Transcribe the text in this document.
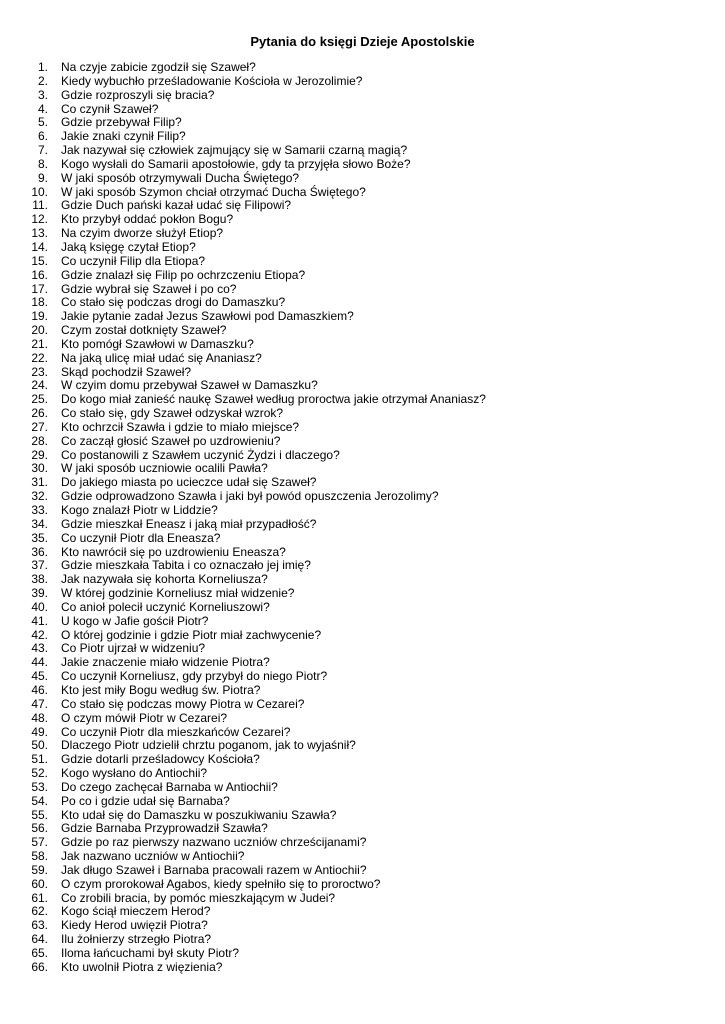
Pytania do księgi Dzieje Apostolskie
1. Na czyje zabicie zgodził się Szaweł?
2. Kiedy wybuchło prześladowanie Kościoła w Jerozolimie?
3. Gdzie rozproszyli się bracia?
4. Co czynił Szaweł?
5. Gdzie przebywał Filip?
6. Jakie znaki czynił Filip?
7. Jak nazywał się człowiek zajmujący się w Samarii czarną magią?
8. Kogo wysłali do Samarii apostołowie, gdy ta przyjęła słowo Boże?
9. W jaki sposób otrzymywali Ducha Świętego?
10. W jaki sposób Szymon chciał otrzymać Ducha Świętego?
11. Gdzie Duch pański kazał udać się Filipowi?
12. Kto przybył oddać pokłon Bogu?
13. Na czyim dworze służył Etiop?
14. Jaką księgę czytał Etiop?
15. Co uczynił Filip dla Etiopa?
16. Gdzie znalazł się Filip po ochrzczeniu Etiopa?
17. Gdzie wybrał się Szaweł i po co?
18. Co stało się podczas drogi do Damaszku?
19. Jakie pytanie zadał Jezus Szawłowi pod Damaszkiem?
20. Czym został dotknięty Szaweł?
21. Kto pomógł Szawłowi w Damaszku?
22. Na jaką ulicę miał udać się Ananiasz?
23. Skąd pochodził Szaweł?
24. W czyim domu przebywał Szaweł w Damaszku?
25. Do kogo miał zanieść naukę Szaweł według proroctwa jakie otrzymał Ananiasz?
26. Co stało się, gdy Szaweł odzyskał wzrok?
27. Kto ochrzcił Szawła i gdzie to miało miejsce?
28. Co zaczął głosić Szaweł po uzdrowieniu?
29. Co postanowili z Szawłem uczynić Żydzi i dlaczego?
30. W jaki sposób uczniowie ocalili Pawła?
31. Do jakiego miasta po ucieczce udał się Szaweł?
32. Gdzie odprowadzono Szawła i jaki był powód opuszczenia Jerozolimy?
33. Kogo znalazł Piotr w Liddzie?
34. Gdzie mieszkał Eneasz i jaką miał przypadłość?
35. Co uczynił Piotr dla Eneasza?
36. Kto nawrócił się po uzdrowieniu Eneasza?
37. Gdzie mieszkała Tabita i co oznaczało jej imię?
38. Jak nazywała się kohorta Korneliusza?
39. W której godzinie Korneliusz miał widzenie?
40. Co anioł polecił uczynić Korneliuszowi?
41. U kogo w Jafie gościł Piotr?
42. O której godzinie i gdzie Piotr miał zachwycenie?
43. Co Piotr ujrzał w widzeniu?
44. Jakie znaczenie miało widzenie Piotra?
45. Co uczynił Korneliusz, gdy przybył do niego Piotr?
46. Kto jest miły Bogu według św. Piotra?
47. Co stało się podczas mowy Piotra w Cezarei?
48. O czym mówił Piotr w Cezarei?
49. Co uczynił Piotr dla mieszkańców Cezarei?
50. Dlaczego Piotr udzielił chrztu poganom, jak to wyjaśnił?
51. Gdzie dotarli prześladowcy Kościoła?
52. Kogo wysłano do Antiochii?
53. Do czego zachęcał Barnaba w Antiochii?
54. Po co i gdzie udał się Barnaba?
55. Kto udał się do Damaszku w poszukiwaniu Szawła?
56. Gdzie Barnaba Przyprowadził Szawła?
57. Gdzie po raz pierwszy nazwano uczniów chrześcijanami?
58. Jak nazwano uczniów w Antiochii?
59. Jak długo Szaweł i Barnaba pracowali razem w Antiochii?
60. O czym prorokował Agabos, kiedy spełniło się to proroctwo?
61. Co zrobili bracia, by pomóc mieszkającym w Judei?
62. Kogo ściął mieczem Herod?
63. Kiedy Herod uwięził Piotra?
64. Ilu żołnierzy strzegło Piotra?
65. Iloma łańcuchami był skuty Piotr?
66. Kto uwolnił Piotra z więzienia?
